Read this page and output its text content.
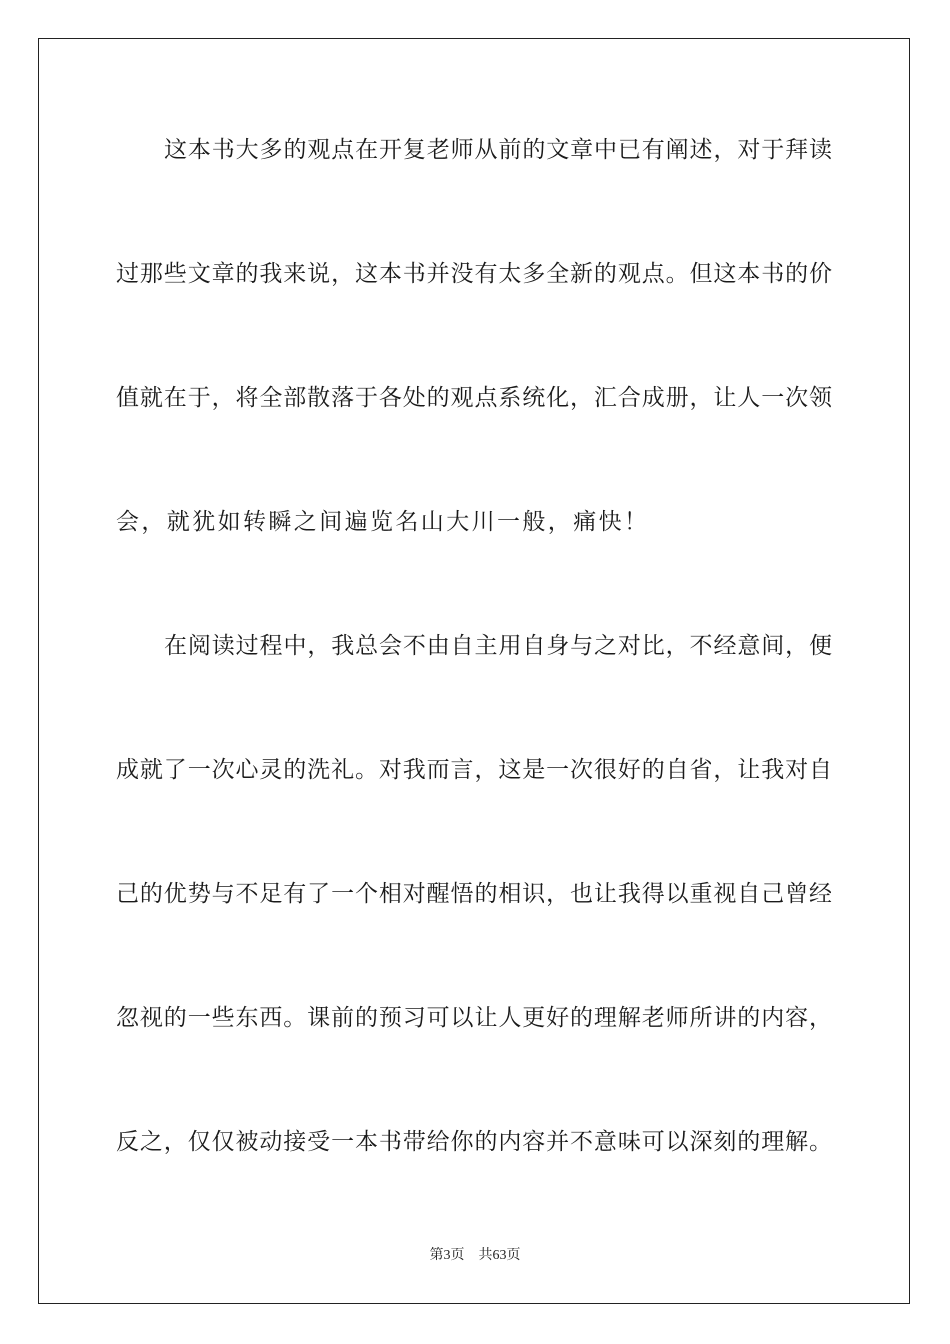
这本书大多的观点在开复老师从前的文章中已有阐述，对于拜读
过那些文章的我来说，这本书并没有太多全新的观点。但这本书的价
值就在于，将全部散落于各处的观点系统化，汇合成册，让人一次领
会，就犹如转瞬之间遍览名山大川一般，痛快！
在阅读过程中，我总会不由自主用自身与之对比，不经意间，便
成就了一次心灵的洗礼。对我而言，这是一次很好的自省，让我对自
己的优势与不足有了一个相对醒悟的相识，也让我得以重视自己曾经
忽视的一些东西。课前的预习可以让人更好的理解老师所讲的内容，
反之，仅仅被动接受一本书带给你的内容并不意味可以深刻的理解。
第3页 共63页
